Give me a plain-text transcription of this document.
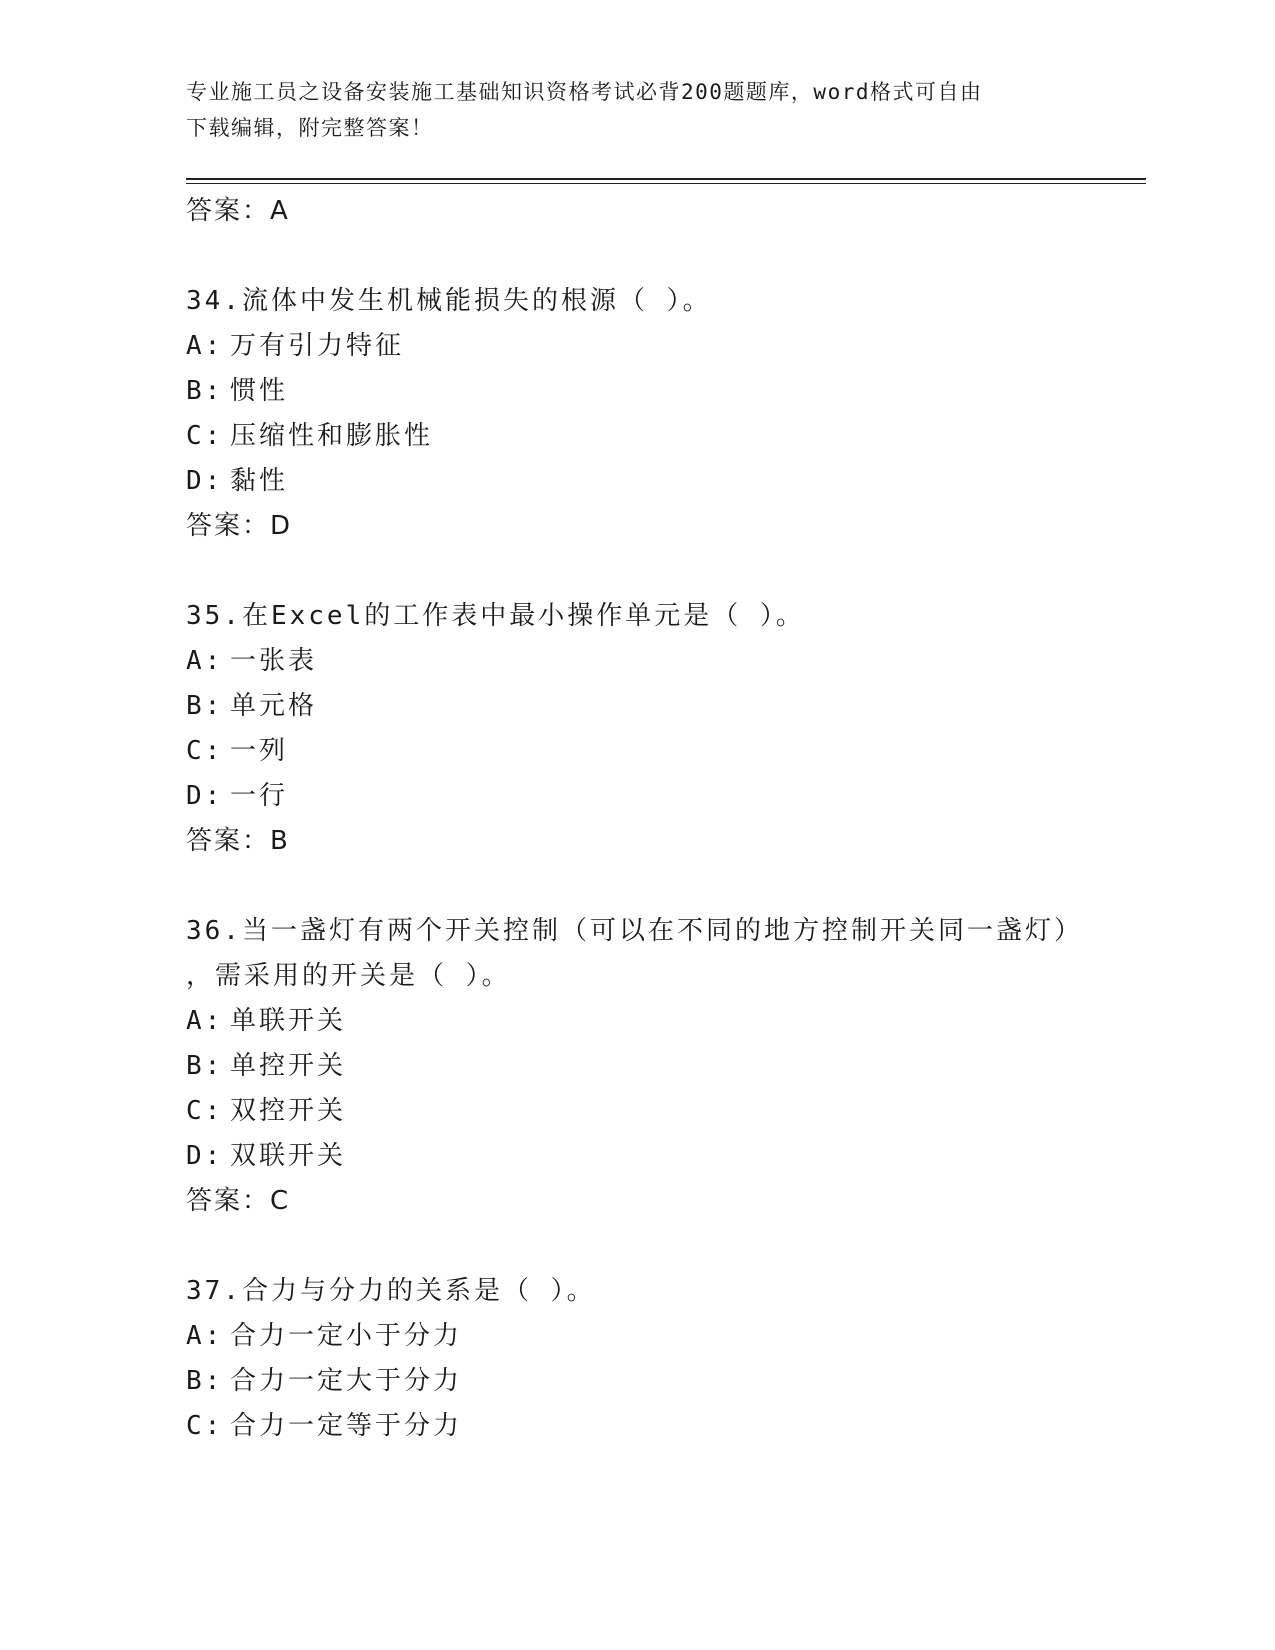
专业施工员之设备安装施工基础知识资格考试必背200题题库，word格式可自由
下载编辑，附完整答案！
答案：A
34.流体中发生机械能损失的根源（ ）。
A: 万有引力特征
B: 惯性
C: 压缩性和膨胀性
D: 黏性
答案：D
35.在Excel的工作表中最小操作单元是（ ）。
A: 一张表
B: 单元格
C: 一列
D: 一行
答案：B
36.当一盏灯有两个开关控制（可以在不同的地方控制开关同一盏灯）
，需采用的开关是（ ）。
A: 单联开关
B: 单控开关
C: 双控开关
D: 双联开关
答案：C
37.合力与分力的关系是（ ）。
A: 合力一定小于分力
B: 合力一定大于分力
C: 合力一定等于分力
